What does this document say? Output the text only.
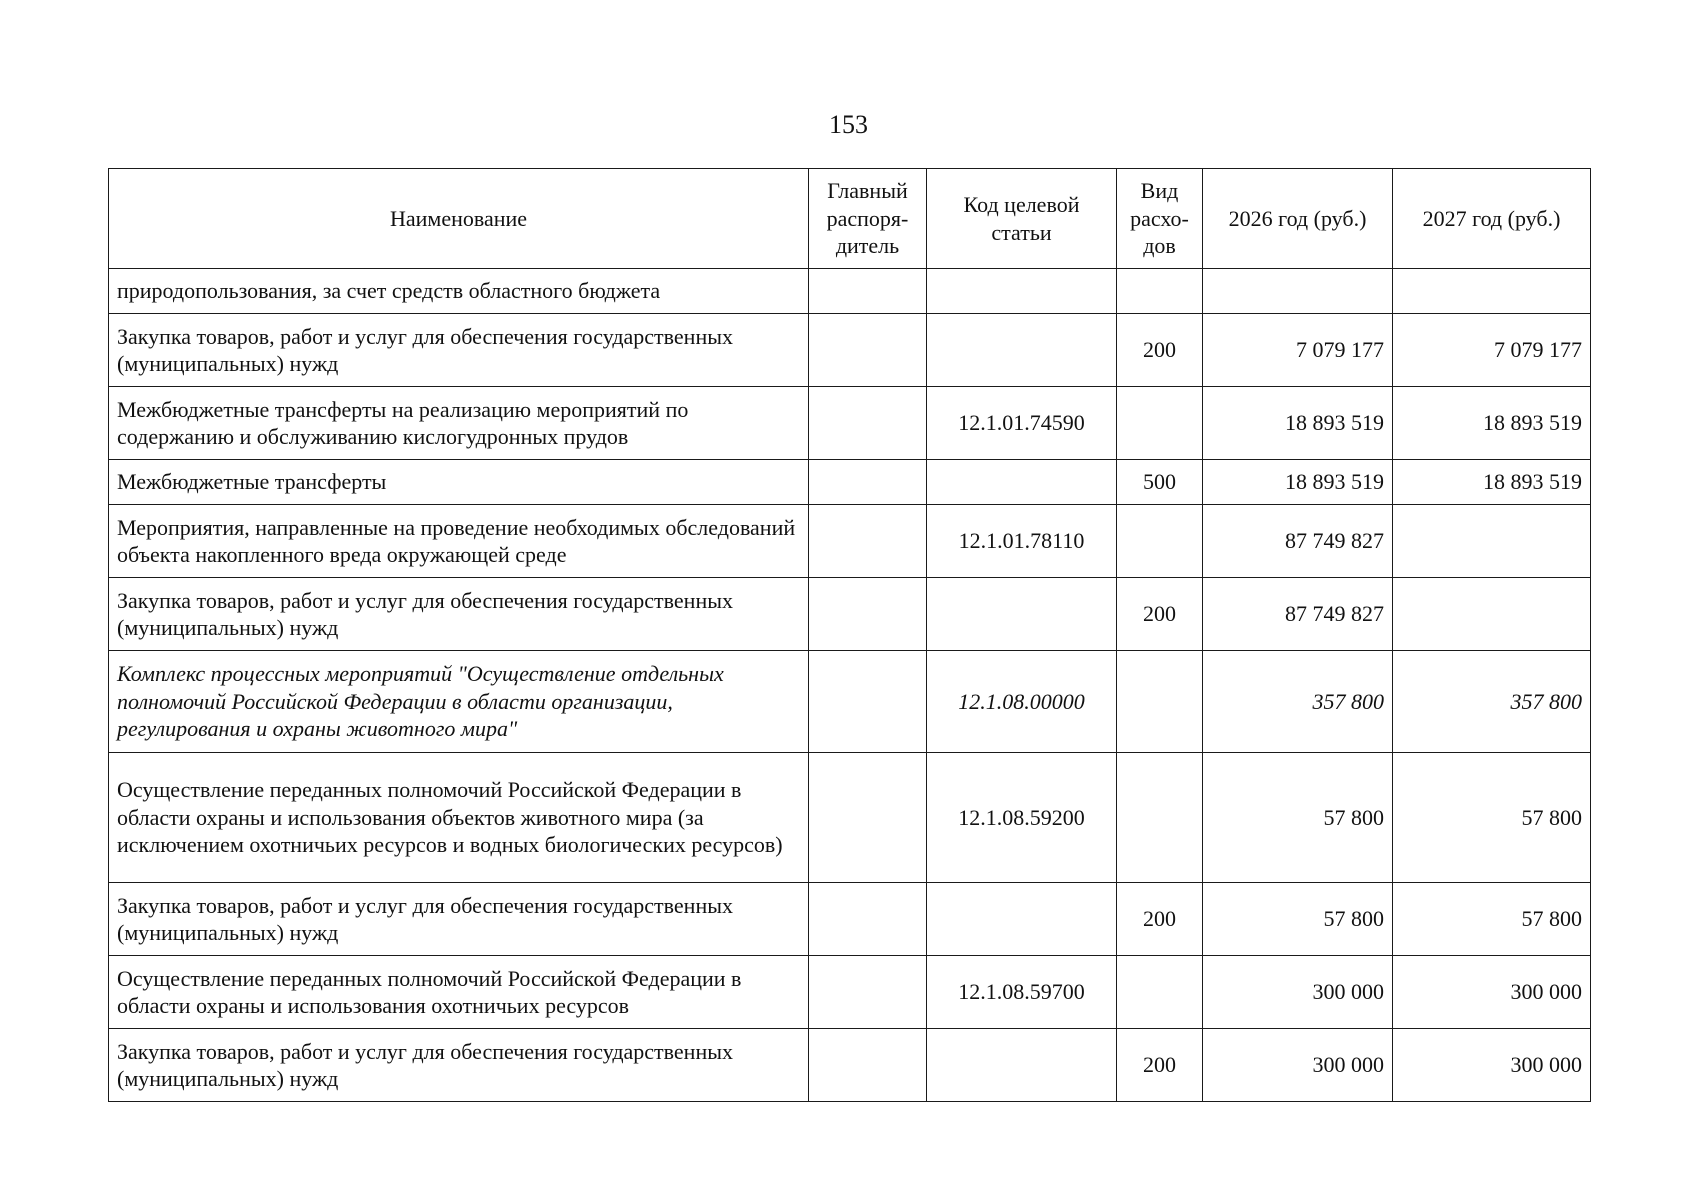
153
Наименование	Главный распоря-дитель	Код целевой статьи	Вид расхо-дов	2026 год (руб.)	2027 год (руб.)
природопользования, за счет средств областного бюджета					
Закупка товаров, работ и услуг для обеспечения государственных (муниципальных) нужд			200	7 079 177	7 079 177
Межбюджетные трансферты на реализацию мероприятий по содержанию и обслуживанию кислогудронных прудов		12.1.01.74590		18 893 519	18 893 519
Межбюджетные трансферты			500	18 893 519	18 893 519
Мероприятия, направленные на проведение необходимых обследований объекта накопленного вреда окружающей среде		12.1.01.78110		87 749 827	
Закупка товаров, работ и услуг для обеспечения государственных (муниципальных) нужд			200	87 749 827	
Комплекс процессных мероприятий "Осуществление отдельных полномочий Российской Федерации в области организации, регулирования и охраны животного мира"		12.1.08.00000		357 800	357 800
Осуществление переданных полномочий Российской Федерации в области охраны и использования объектов животного мира (за исключением охотничьих ресурсов и водных биологических ресурсов)		12.1.08.59200		57 800	57 800
Закупка товаров, работ и услуг для обеспечения государственных (муниципальных) нужд			200	57 800	57 800
Осуществление переданных полномочий Российской Федерации в области охраны и использования охотничьих ресурсов		12.1.08.59700		300 000	300 000
Закупка товаров, работ и услуг для обеспечения государственных (муниципальных) нужд			200	300 000	300 000
